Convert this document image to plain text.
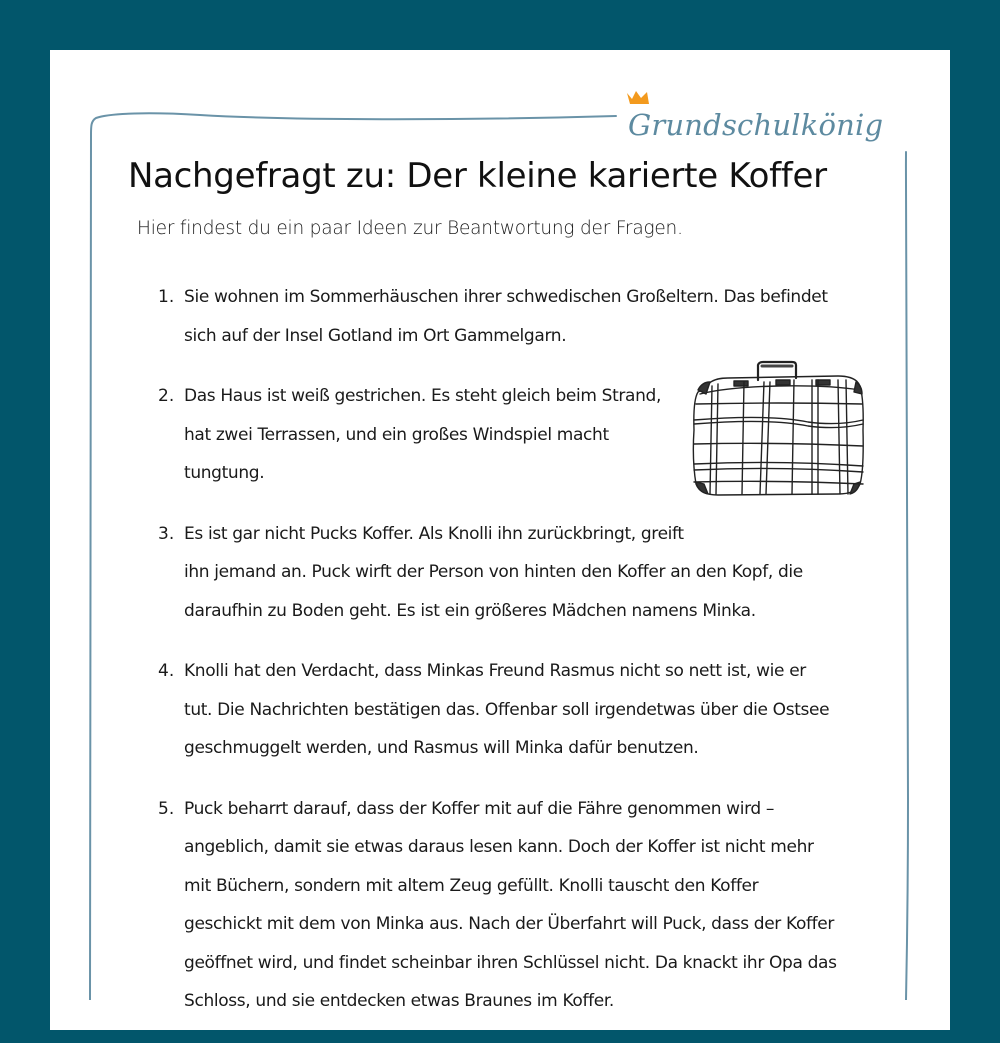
Grundschulkönig
Nachgefragt zu: Der kleine karierte Koffer
Hier findest du ein paar Ideen zur Beantwortung der Fragen.
1. Sie wohnen im Sommerhäuschen ihrer schwedischen Großeltern. Das befindet
sich auf der Insel Gotland im Ort Gammelgarn.
2. Das Haus ist weiß gestrichen. Es steht gleich beim Strand,
hat zwei Terrassen, und ein großes Windspiel macht
tungtung.
3. Es ist gar nicht Pucks Koffer. Als Knolli ihn zurückbringt, greift
ihn jemand an. Puck wirft der Person von hinten den Koffer an den Kopf, die
daraufhin zu Boden geht. Es ist ein größeres Mädchen namens Minka.
4. Knolli hat den Verdacht, dass Minkas Freund Rasmus nicht so nett ist, wie er
tut. Die Nachrichten bestätigen das. Offenbar soll irgendetwas über die Ostsee
geschmuggelt werden, und Rasmus will Minka dafür benutzen.
5. Puck beharrt darauf, dass der Koffer mit auf die Fähre genommen wird –
angeblich, damit sie etwas daraus lesen kann. Doch der Koffer ist nicht mehr
mit Büchern, sondern mit altem Zeug gefüllt. Knolli tauscht den Koffer
geschickt mit dem von Minka aus. Nach der Überfahrt will Puck, dass der Koffer
geöffnet wird, und findet scheinbar ihren Schlüssel nicht. Da knackt ihr Opa das
Schloss, und sie entdecken etwas Braunes im Koffer.
